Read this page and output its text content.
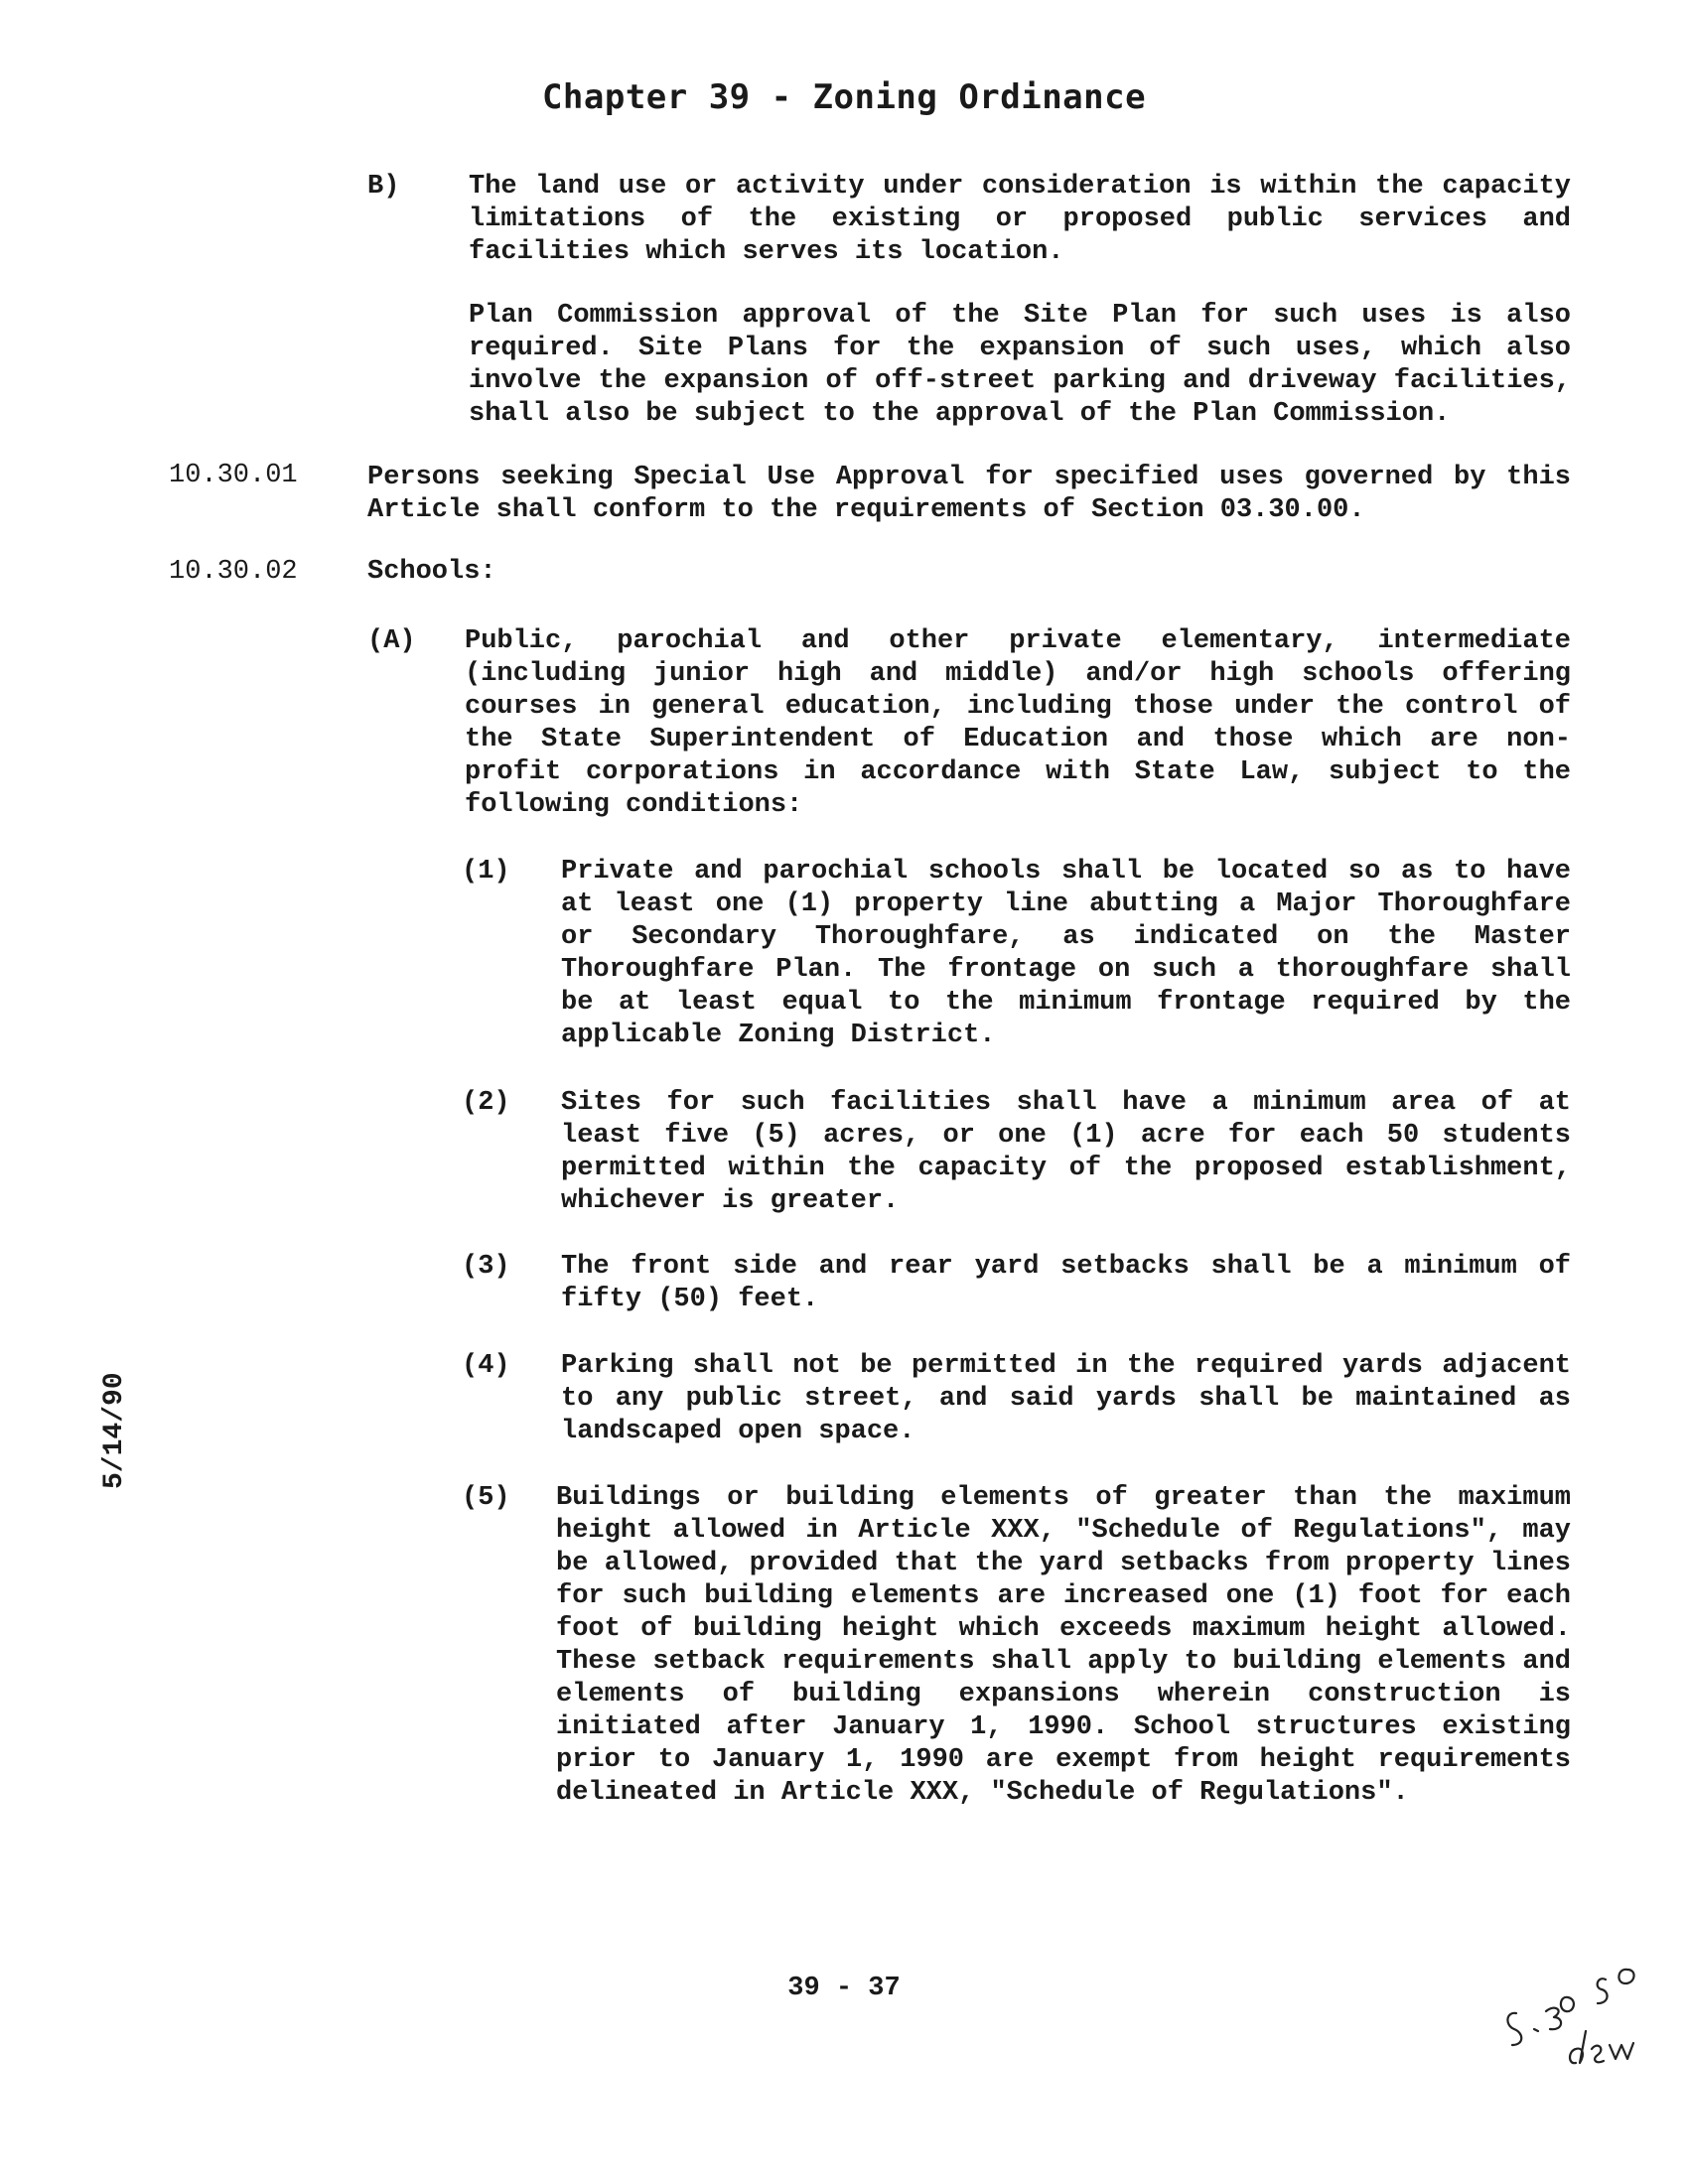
Chapter 39 - Zoning Ordinance
B)	The land use or activity under consideration is within the capacity limitations of the existing or proposed public services and facilities which serves its location.
Plan Commission approval of the Site Plan for such uses is also required. Site Plans for the expansion of such uses, which also involve the expansion of off-street parking and driveway facilities, shall also be subject to the approval of the Plan Commission.
10.30.01	Persons seeking Special Use Approval for specified uses governed by this Article shall conform to the requirements of Section 03.30.00.
10.30.02	Schools:
(A) Public, parochial and other private elementary, intermediate (including junior high and middle) and/or high schools offering courses in general education, including those under the control of the State Superintendent of Education and those which are non- profit corporations in accordance with State Law, subject to the following conditions:
(1) Private and parochial schools shall be located so as to have at least one (1) property line abutting a Major Thoroughfare or Secondary Thoroughfare, as indicated on the Master Thoroughfare Plan. The frontage on such a thoroughfare shall be at least equal to the minimum frontage required by the applicable Zoning District.
(2) Sites for such facilities shall have a minimum area of at least five (5) acres, or one (1) acre for each 50 students permitted within the capacity of the proposed establishment, whichever is greater.
(3) The front side and rear yard setbacks shall be a minimum of fifty (50) feet.
(4) Parking shall not be permitted in the required yards adjacent to any public street, and said yards shall be maintained as landscaped open space.
(5) Buildings or building elements of greater than the maximum height allowed in Article XXX, "Schedule of Regulations", may be allowed, provided that the yard setbacks from property lines for such building elements are increased one (1) foot for each foot of building height which exceeds maximum height allowed. These setback requirements shall apply to building elements and elements of building expansions wherein construction is initiated after January 1, 1990. School structures existing prior to January 1, 1990 are exempt from height requirements delineated in Article XXX, "Schedule of Regulations".
39 - 37
5/14/90
